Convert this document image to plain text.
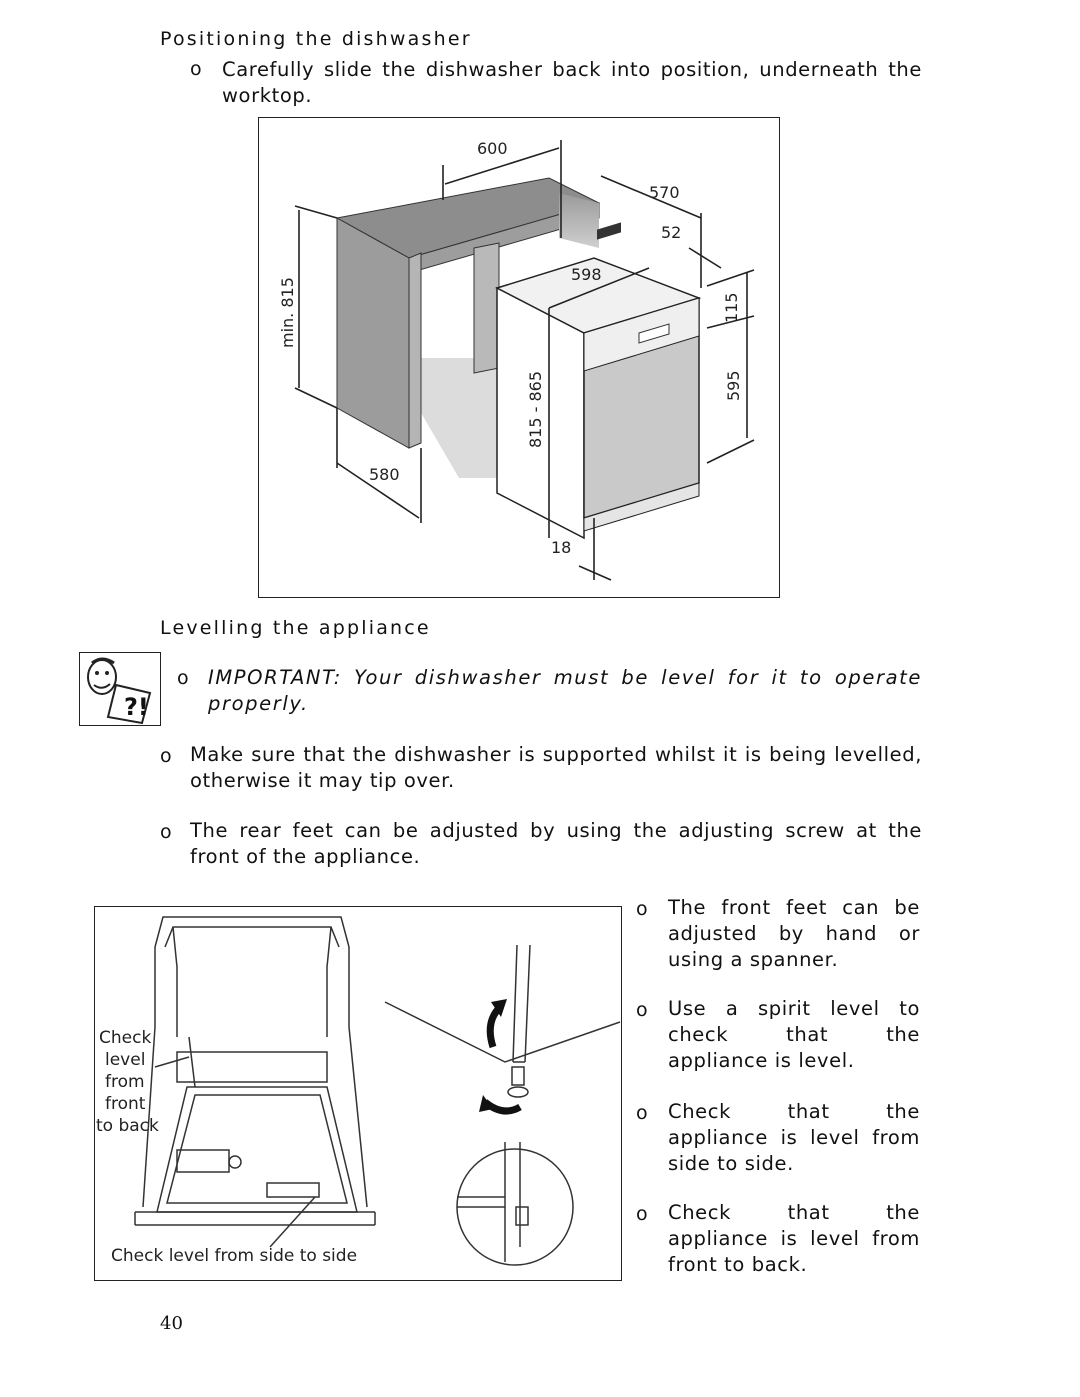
Positioning the dishwasher
o Carefully slide the dishwasher back into position, underneath the worktop.
600
570
52
598
115
595
min. 815
815 - 865
580
18
Levelling the appliance
?!
o IMPORTANT: Your dishwasher must be level for it to operate properly.
o Make sure that the dishwasher is supported whilst it is being levelled, otherwise it may tip over.
o The rear feet can be adjusted by using the adjusting screw at the front of the appliance.
o The front feet can be adjusted by hand or using a spanner.
o Use a spirit level to check that the appliance is level.
o Check that the appliance is level from side to side.
o Check that the appliance is level from front to back.
Check
level
from
front
to back
Check level from side to side
40
